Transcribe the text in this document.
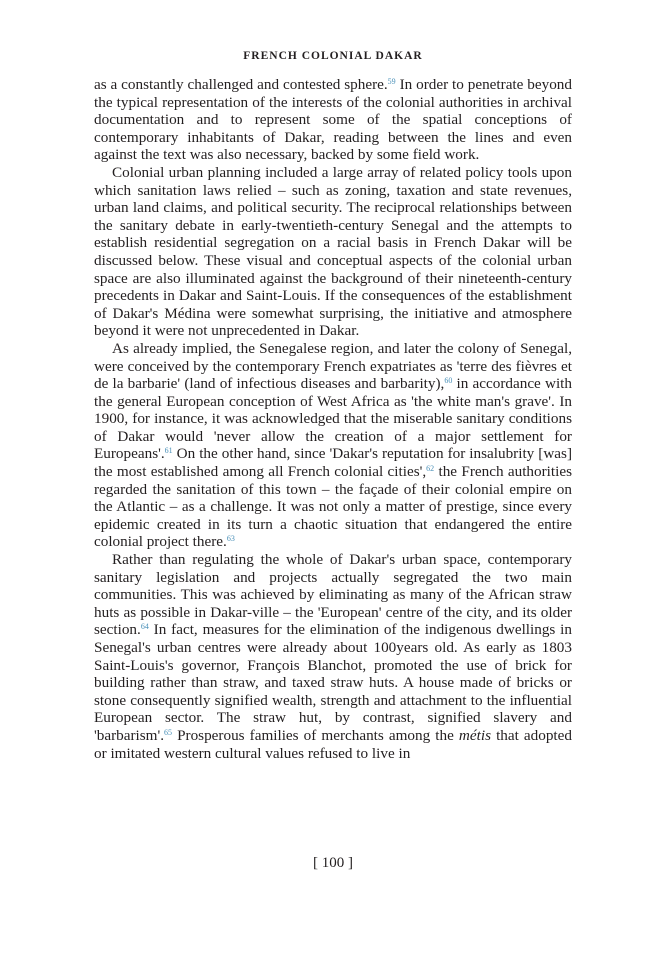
FRENCH COLONIAL DAKAR

as a constantly challenged and contested sphere.$^{59}$ In order to penetrate beyond the typical representation of the interests of the colonial authorities in archival documentation and to represent some of the spatial conceptions of contemporary inhabitants of Dakar, reading between the lines and even against the text was also necessary, backed by some field work.

Colonial urban planning included a large array of related policy tools upon which sanitation laws relied – such as zoning, taxation and state revenues, urban land claims, and political security. The reciprocal relationships between the sanitary debate in early-twentieth-century Senegal and the attempts to establish residential segregation on a racial basis in French Dakar will be discussed below. These visual and conceptual aspects of the colonial urban space are also illuminated against the background of their nineteenth-century precedents in Dakar and Saint-Louis. If the consequences of the establishment of Dakar's Médina were somewhat surprising, the initiative and atmosphere beyond it were not unprecedented in Dakar.

As already implied, the Senegalese region, and later the colony of Senegal, were conceived by the contemporary French expatriates as 'terre des fièvres et de la barbarie' (land of infectious diseases and barbarity),$^{60}$ in accordance with the general European conception of West Africa as 'the white man's grave'. In 1900, for instance, it was acknowledged that the miserable sanitary conditions of Dakar would 'never allow the creation of a major settlement for Europeans'.$^{61}$ On the other hand, since 'Dakar's reputation for insalubrity [was] the most established among all French colonial cities',$^{62}$ the French authorities regarded the sanitation of this town – the façade of their colonial empire on the Atlantic – as a challenge. It was not only a matter of prestige, since every epidemic created in its turn a chaotic situation that endangered the entire colonial project there.$^{63}$

Rather than regulating the whole of Dakar's urban space, contemporary sanitary legislation and projects actually segregated the two main communities. This was achieved by eliminating as many of the African straw huts as possible in Dakar-ville – the 'European' centre of the city, and its older section.$^{64}$ In fact, measures for the elimination of the indigenous dwellings in Senegal's urban centres were already about 100years old. As early as 1803 Saint-Louis's governor, François Blanchot, promoted the use of brick for building rather than straw, and taxed straw huts. A house made of bricks or stone consequently signified wealth, strength and attachment to the influential European sector. The straw hut, by contrast, signified slavery and 'barbarism'.$^{65}$ Prosperous families of merchants among the métis that adopted or imitated western cultural values refused to live in

[ 100 ]
